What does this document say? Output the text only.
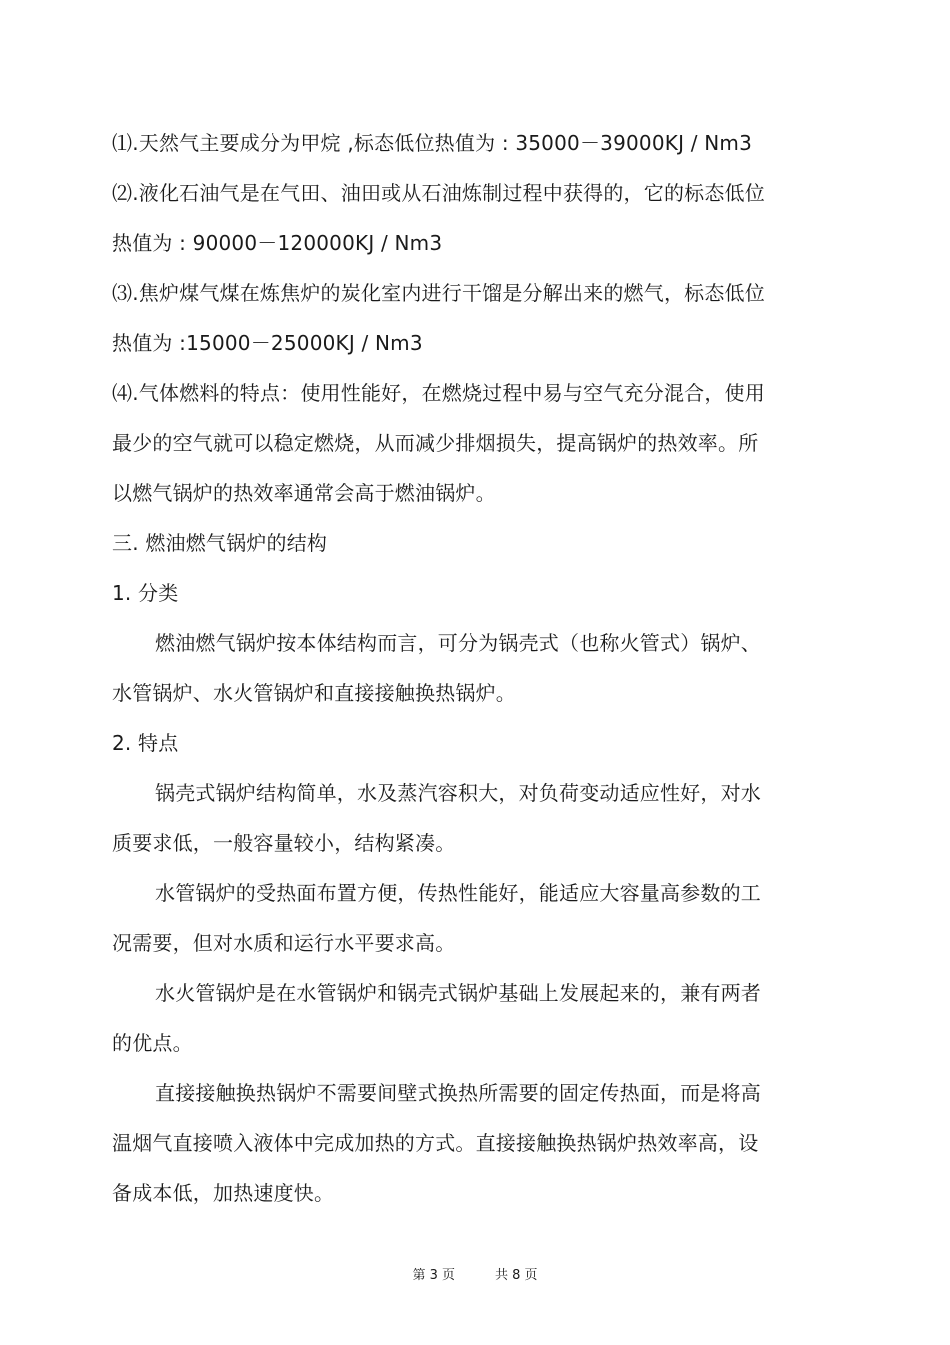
⑴.天然气主要成分为甲烷 ,标态低位热值为 : 35000－39000KJ / Nm3
⑵.液化石油气是在气田、油田或从石油炼制过程中获得的，它的标态低位
热值为 : 90000－120000KJ / Nm3
⑶.焦炉煤气煤在炼焦炉的炭化室内进行干馏是分解出来的燃气，标态低位
热值为 :15000－25000KJ / Nm3
⑷.气体燃料的特点：使用性能好，在燃烧过程中易与空气充分混合，使用
最少的空气就可以稳定燃烧，从而减少排烟损失，提高锅炉的热效率。所
以燃气锅炉的热效率通常会高于燃油锅炉。
三. 燃油燃气锅炉的结构
1. 分类
燃油燃气锅炉按本体结构而言，可分为锅壳式（也称火管式）锅炉、
水管锅炉、水火管锅炉和直接接触换热锅炉。
2. 特点
锅壳式锅炉结构简单，水及蒸汽容积大，对负荷变动适应性好，对水
质要求低，一般容量较小，结构紧凑。
水管锅炉的受热面布置方便，传热性能好，能适应大容量高参数的工
况需要，但对水质和运行水平要求高。
水火管锅炉是在水管锅炉和锅壳式锅炉基础上发展起来的，兼有两者
的优点。
直接接触换热锅炉不需要间壁式换热所需要的固定传热面，而是将高
温烟气直接喷入液体中完成加热的方式。直接接触换热锅炉热效率高，设
备成本低，加热速度快。
第 3 页	共 8 页
